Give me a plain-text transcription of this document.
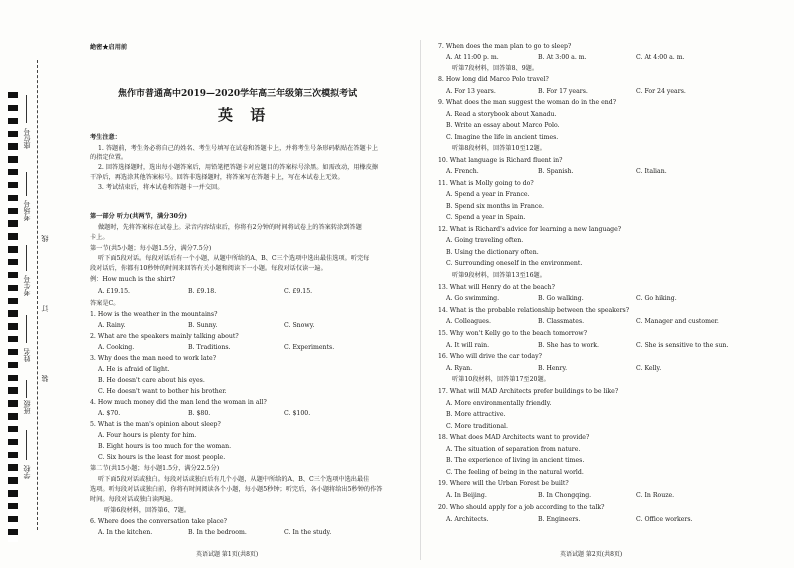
座位号
考场号
考生号
姓名
班级
学校
线
订
装
絶密★启用前
焦作市普通高中2019—2020学年高三年级第三次模拟考试
英 语
考生注意：
1. 答题前，考生务必将自己的姓名、考生号填写在试卷和答题卡上，并将考生号条形码粘贴在答题卡上
的指定位置。
2. 回答选择题时，选出每小题答案后，用铅笔把答题卡对应题目的答案标号涂黑。如需改动，用橡皮擦
干净后，再选涂其他答案标号。回答非选择题时，将答案写在答题卡上，写在本试卷上无效。
3. 考试结束后，将本试卷和答题卡一并交回。
第一部分 听力(共两节，满分30分)
做题时，先将答案标在试卷上。录音内容结束后，你将有2分钟的时间将试卷上的答案转涂到答题
卡上。
第一节(共5小题；每小题1.5分，满分7.5分)
听下面5段对话。每段对话后有一个小题，从题中所给的A、B、C三个选项中选出最佳选项。听完每
段对话后，你都有10秒钟的时间来回答有关小题和阅读下一小题。每段对话仅读一遍。
例：How much is the shirt?
A. £19.15.	B. £9.18.	C. £9.15.
答案是C。
1. How is the weather in the mountains?
A. Rainy.	B. Sunny.	C. Snowy.
2. What are the speakers mainly talking about?
A. Cooking.	B. Traditions.	C. Experiments.
3. Why does the man need to work late?
A. He is afraid of light.
B. He doesn't care about his eyes.
C. He doesn't want to bother his brother.
4. How much money did the man lend the woman in all?
A. $70.	B. $80.	C. $100.
5. What is the man's opinion about sleep?
A. Four hours is plenty for him.
B. Eight hours is too much for the woman.
C. Six hours is the least for most people.
第二节(共15小题；每小题1.5分，满分22.5分)
听下面5段对话或独白。每段对话或独白后有几个小题，从题中所给的A、B、C三个选项中选出最佳
选项。听每段对话或独白前，你将有时间阅读各个小题，每小题5秒钟；听完后，各小题将给出5秒钟的作答
时间。每段对话或独白读两遍。
听第6段材料，回答第6、7题。
6. Where does the conversation take place?
A. In the kitchen.	B. In the bedroom.	C. In the study.
英语试题 第1页(共8页)
7. When does the man plan to go to sleep?
A. At 11:00 p. m.	B. At 3:00 a. m.	C. At 4:00 a. m.
听第7段材料，回答第8、9题。
8. How long did Marco Polo travel?
A. For 13 years.	B. For 17 years.	C. For 24 years.
9. What does the man suggest the woman do in the end?
A. Read a storybook about Xanadu.
B. Write an essay about Marco Polo.
C. Imagine the life in ancient times.
听第8段材料，回答第10至12题。
10. What language is Richard fluent in?
A. French.	B. Spanish.	C. Italian.
11. What is Molly going to do?
A. Spend a year in France.
B. Spend six months in France.
C. Spend a year in Spain.
12. What is Richard's advice for learning a new language?
A. Going traveling often.
B. Using the dictionary often.
C. Surrounding oneself in the environment.
听第9段材料，回答第13至16题。
13. What will Henry do at the beach?
A. Go swimming.	B. Go walking.	C. Go hiking.
14. What is the probable relationship between the speakers?
A. Colleagues.	B. Classmates.	C. Manager and customer.
15. Why won't Kelly go to the beach tomorrow?
A. It will rain.	B. She has to work.	C. She is sensitive to the sun.
16. Who will drive the car today?
A. Ryan.	B. Henry.	C. Kelly.
听第10段材料，回答第17至20题。
17. What will MAD Architects prefer buildings to be like?
A. More environmentally friendly.
B. More attractive.
C. More traditional.
18. What does MAD Architects want to provide?
A. The situation of separation from nature.
B. The experience of living in ancient times.
C. The feeling of being in the natural world.
19. Where will the Urban Forest be built?
A. In Beijing.	B. In Chongqing.	C. In Rouze.
20. Who should apply for a job according to the talk?
A. Architects.	B. Engineers.	C. Office workers.
英语试题 第2页(共8页)
